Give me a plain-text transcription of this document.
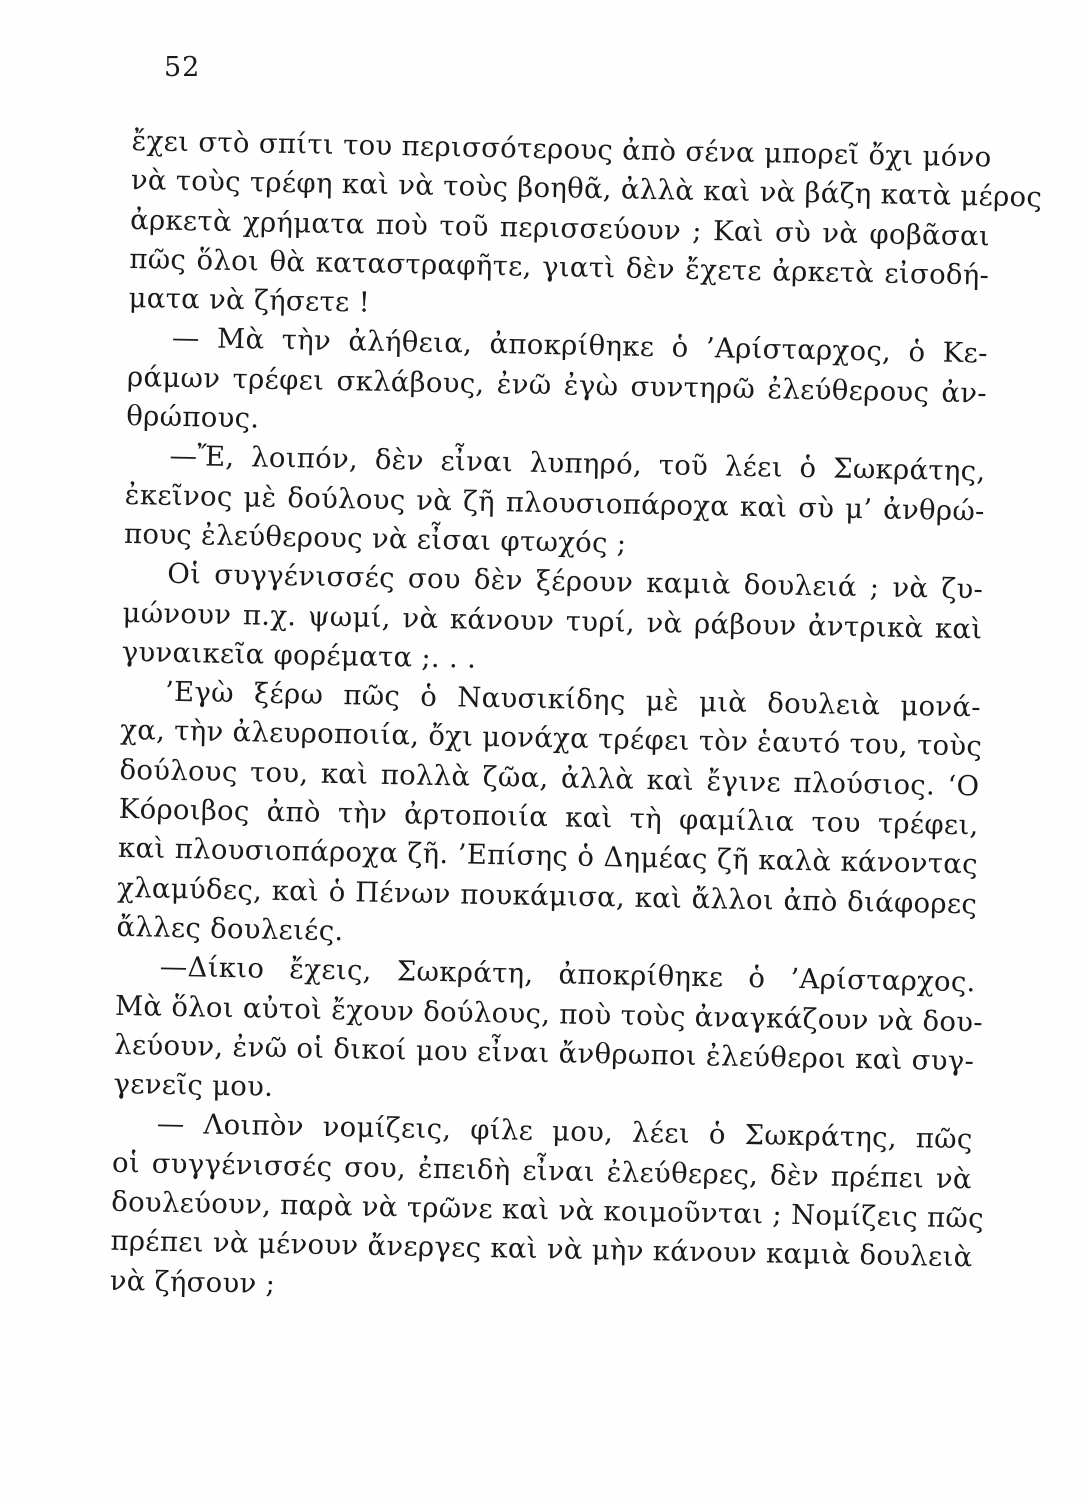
52
ἔχει στὸ σπίτι του περισσότερους ἀπὸ σένα μπορεῖ ὄχι μόνο
νὰ τοὺς τρέφη καὶ νὰ τοὺς βοηθᾶ, ἀλλὰ καὶ νὰ βάζη κατὰ μέρος
ἀρκετὰ χρήματα ποὺ τοῦ περισσεύουν ; Καὶ σὺ νὰ φοβᾶσαι
πῶς ὅλοι θὰ καταστραφῆτε, γιατὶ δὲν ἔχετε ἀρκετὰ εἰσοδή-
ματα νὰ ζήσετε !
— Μὰ τὴν ἀλήθεια, ἀποκρίθηκε ὁ ’Αρίσταρχος, ὁ Κε-
ράμων τρέφει σκλάβους, ἐνῶ ἐγὼ συντηρῶ ἐλεύθερους ἀν-
θρώπους.
—Ἔ, λοιπόν, δὲν εἶναι λυπηρό, τοῦ λέει ὁ Σωκράτης,
ἐκεῖνος μὲ δούλους νὰ ζῆ πλουσιοπάροχα καὶ σὺ μ’ ἀνθρώ-
πους ἐλεύθερους νὰ εἶσαι φτωχός ;
Οἱ συγγένισσές σου δὲν ξέρουν καμιὰ δουλειά ; νὰ ζυ-
μώνουν π.χ. ψωμί, νὰ κάνουν τυρί, νὰ ράβουν ἀντρικὰ καὶ
γυναικεῖα φορέματα ;. . .
’Εγὼ ξέρω πῶς ὁ Ναυσικίδης μὲ μιὰ δουλειὰ μονά-
χα, τὴν ἀλευροποιία, ὄχι μονάχα τρέφει τὸν ἑαυτό του, τοὺς
δούλους του, καὶ πολλὰ ζῶα, ἀλλὰ καὶ ἔγινε πλούσιος. ‘Ο
Κόροιβος ἀπὸ τὴν ἀρτοποιία καὶ τὴ φαμίλια του τρέφει,
καὶ πλουσιοπάροχα ζῆ. ’Επίσης ὁ Δημέας ζῆ καλὰ κάνοντας
χλαμύδες, καὶ ὁ Πένων πουκάμισα, καὶ ἄλλοι ἀπὸ διάφορες
ἄλλες δουλειές.
—Δίκιο ἔχεις, Σωκράτη, ἀποκρίθηκε ὁ ’Αρίσταρχος.
Μὰ ὅλοι αὐτοὶ ἔχουν δούλους, ποὺ τοὺς ἀναγκάζουν νὰ δου-
λεύουν, ἐνῶ οἱ δικοί μου εἶναι ἄνθρωποι ἐλεύθεροι καὶ συγ-
γενεῖς μου.
— Λοιπὸν νομίζεις, φίλε μου, λέει ὁ Σωκράτης, πῶς
οἱ συγγένισσές σου, ἐπειδὴ εἶναι ἐλεύθερες, δὲν πρέπει νὰ
δουλεύουν, παρὰ νὰ τρῶνε καὶ νὰ κοιμοῦνται ; Νομίζεις πῶς
πρέπει νὰ μένουν ἄνεργες καὶ νὰ μὴν κάνουν καμιὰ δουλειὰ
νὰ ζήσουν ;
